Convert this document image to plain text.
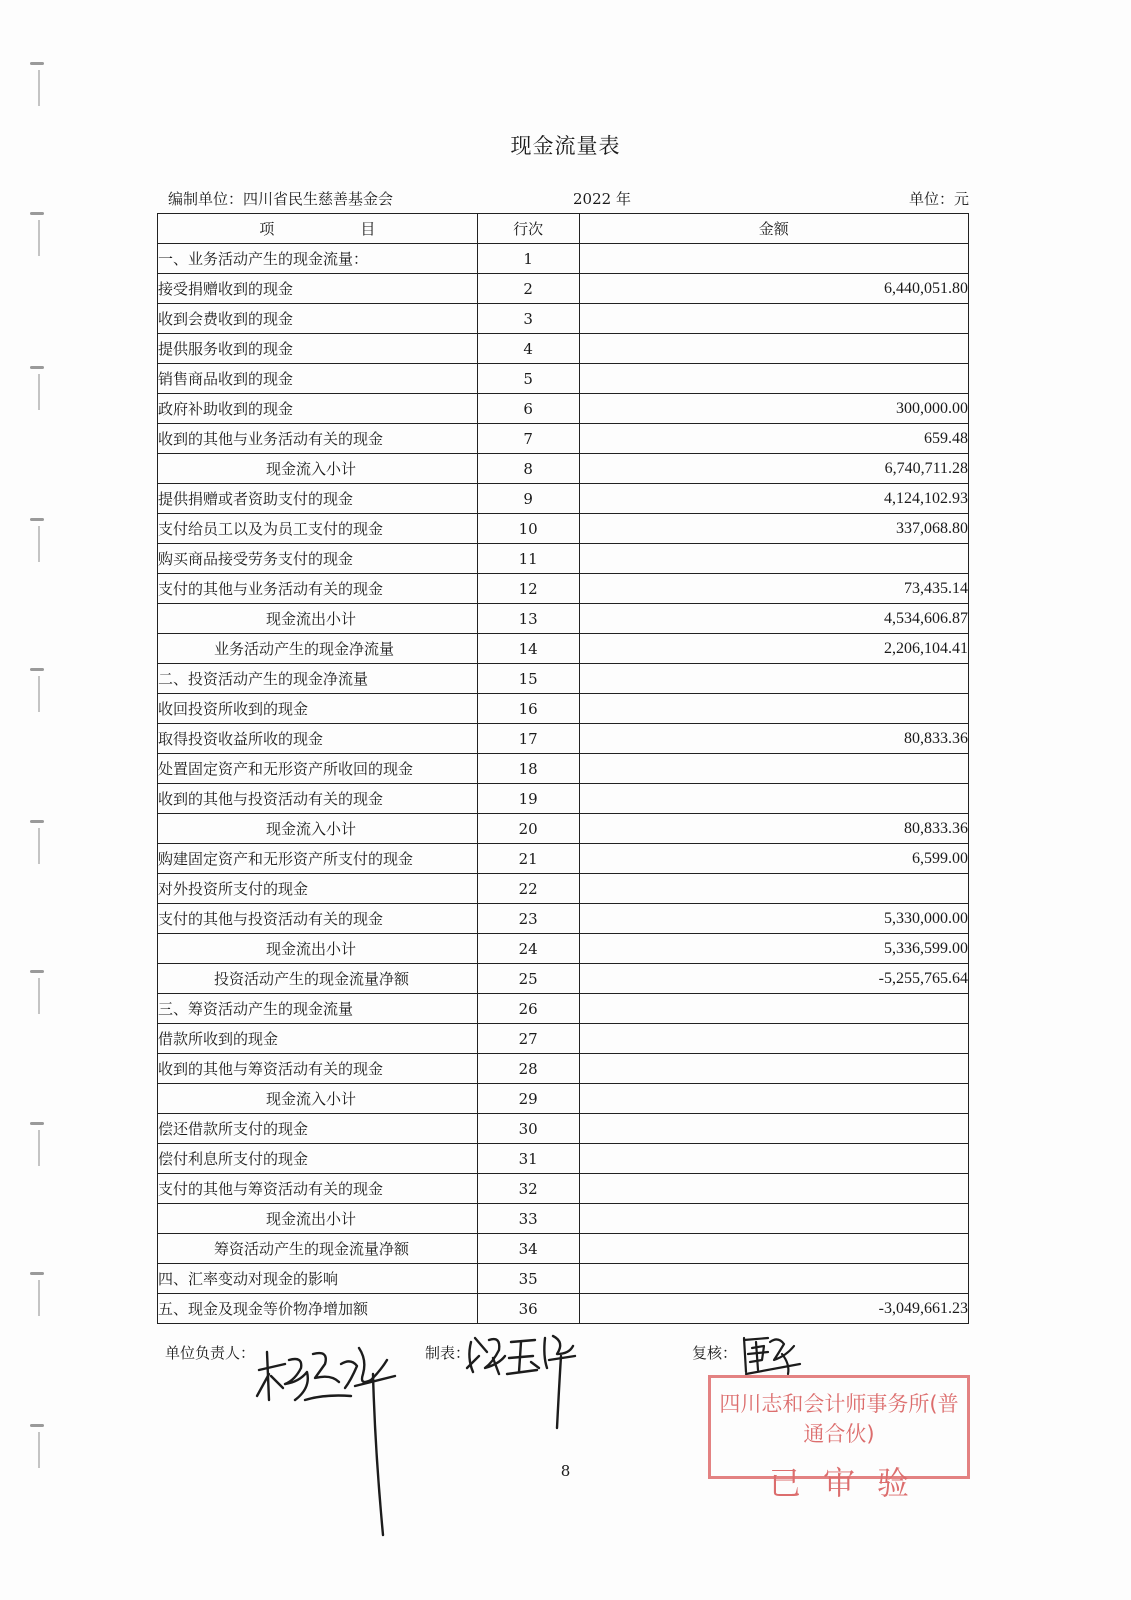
现金流量表
编制单位：四川省民生慈善基金会	2022 年	单位：元
项目	行次	金额
一、业务活动产生的现金流量：	1	
接受捐赠收到的现金	2	6,440,051.80
收到会费收到的现金	3	
提供服务收到的现金	4	
销售商品收到的现金	5	
政府补助收到的现金	6	300,000.00
收到的其他与业务活动有关的现金	7	659.48
现金流入小计	8	6,740,711.28
提供捐赠或者资助支付的现金	9	4,124,102.93
支付给员工以及为员工支付的现金	10	337,068.80
购买商品接受劳务支付的现金	11	
支付的其他与业务活动有关的现金	12	73,435.14
现金流出小计	13	4,534,606.87
业务活动产生的现金净流量	14	2,206,104.41
二、投资活动产生的现金净流量	15	
收回投资所收到的现金	16	
取得投资收益所收的现金	17	80,833.36
处置固定资产和无形资产所收回的现金	18	
收到的其他与投资活动有关的现金	19	
现金流入小计	20	80,833.36
购建固定资产和无形资产所支付的现金	21	6,599.00
对外投资所支付的现金	22	
支付的其他与投资活动有关的现金	23	5,330,000.00
现金流出小计	24	5,336,599.00
投资活动产生的现金流量净额	25	-5,255,765.64
三、筹资活动产生的现金流量	26	
借款所收到的现金	27	
收到的其他与筹资活动有关的现金	28	
现金流入小计	29	
偿还借款所支付的现金	30	
偿付利息所支付的现金	31	
支付的其他与筹资活动有关的现金	32	
现金流出小计	33	
筹资活动产生的现金流量净额	34	
四、汇率变动对现金的影响	35	
五、现金及现金等价物净增加额	36	-3,049,661.23
单位负责人：	制表：	复核：
四川志和会计师事务所(普通合伙)
已审验
8
